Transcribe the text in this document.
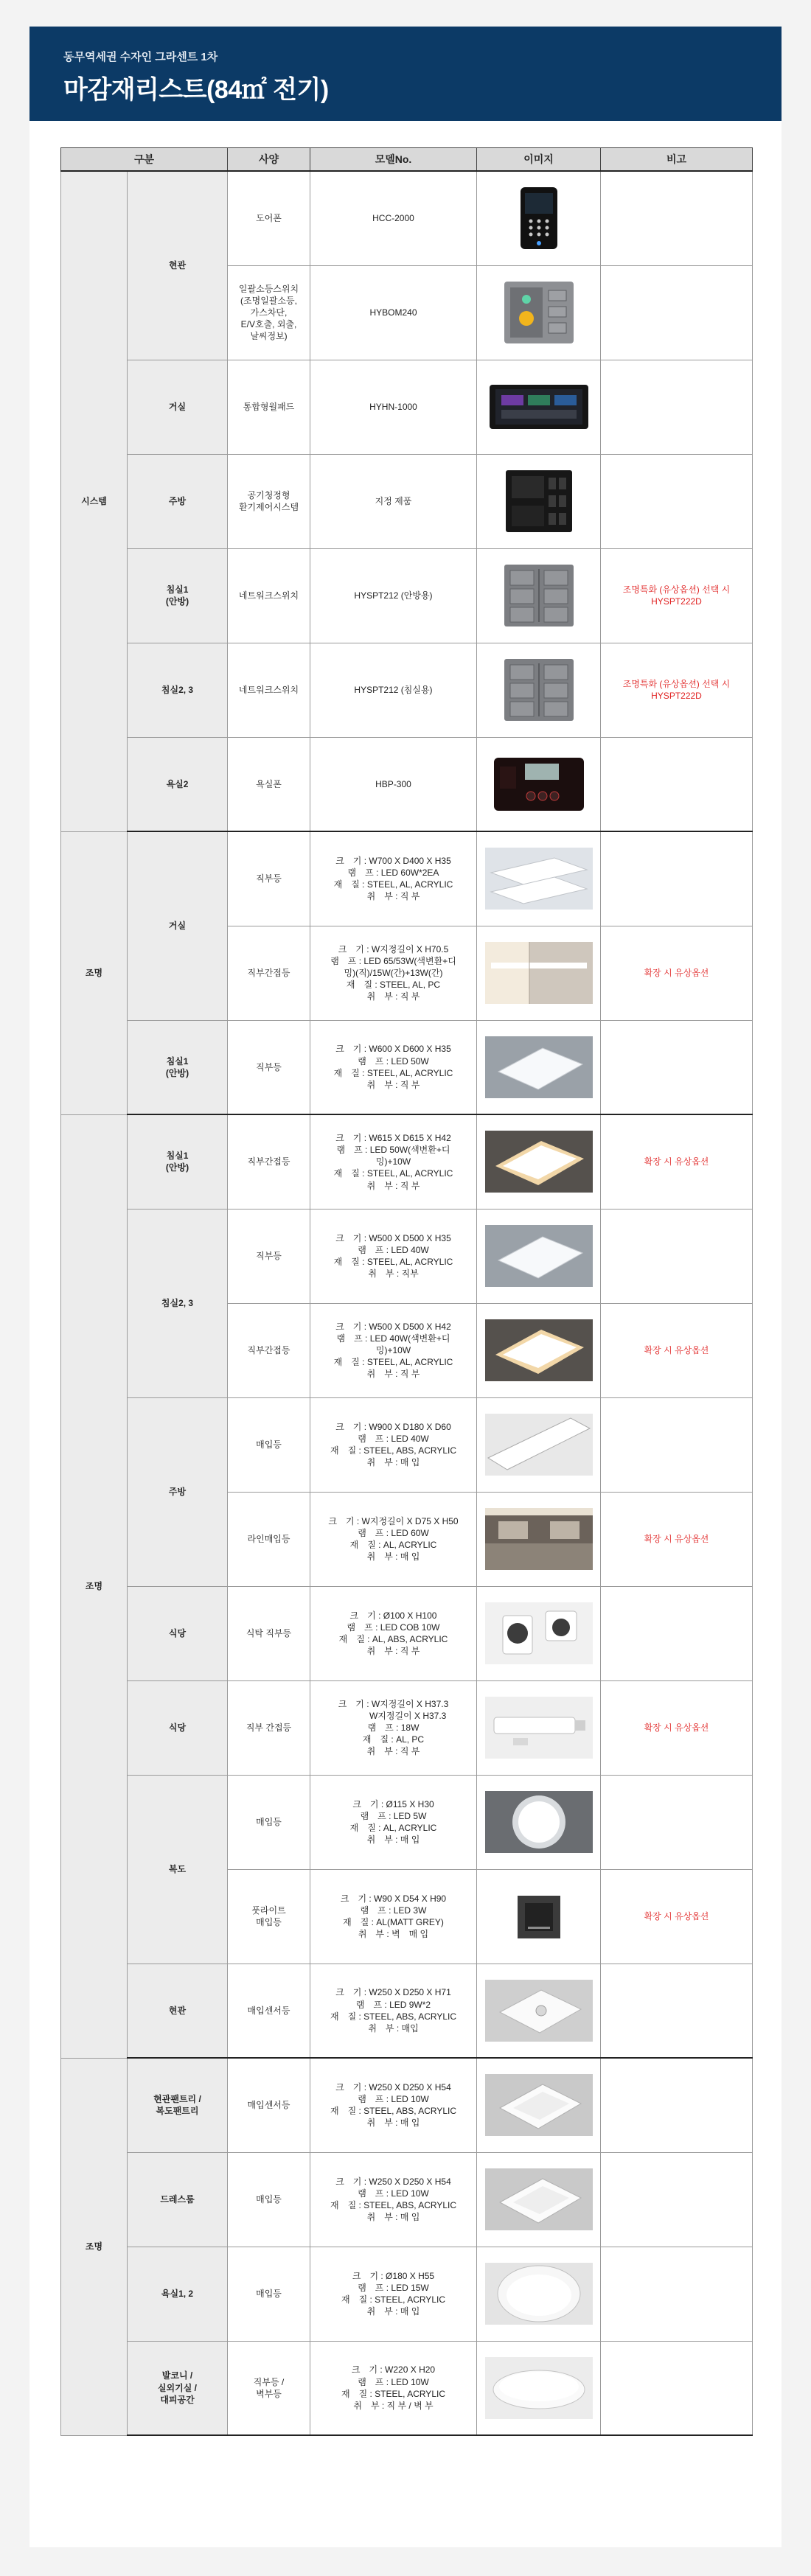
동무역세권 수자인 그라센트 1차
마감재리스트(84㎡ 전기)
구분		사양	모델No.	이미지	비고
시스템	현관	도어폰	HCC-2000	

		일괄소등스위치
(조명일괄소등,
가스차단,
E/V호출, 외출,
날씨정보)	HYBOM240	

	거실	통합형월패드	HYHN-1000	

	주방	공기청정형
환기제어시스템	지정 제품	

	침실1
(안방)	네트워크스위치	HYSPT212 (안방용)		조명특화 (유상옵션) 선택 시
HYSPT222D
	침실2, 3	네트워크스위치	HYSPT212 (침실용)		조명특화 (유상옵션) 선택 시
HYSPT222D
	욕실2	욕실폰	HBP-300	

조명	거실	직부등	크　기 : W700 X D400 X H35
램　프 : LED 60W*2EA
재　질 : STEEL, AL, ACRYLIC
취　부 : 직 부	

		직부간접등	크　기 : W지정길이 X H70.5
램　프 : LED 65/53W(색변환+디
밍)(직)/15W(간)+13W(간)
재　질 : STEEL, AL, PC
취　부 : 직 부		확장 시 유상옵션
	침실1
(안방)	직부등	크　기 : W600 X D600 X H35
램　프 : LED 50W
재　질 : STEEL, AL, ACRYLIC
취　부 : 직 부	

조명	침실1
(안방)	직부간접등	크　기 : W615 X D615 X H42
램　프 : LED 50W(색변환+디
밍)+10W
재　질 : STEEL, AL, ACRYLIC
취　부 : 직 부		확장 시 유상옵션
	침실2, 3	직부등	크　기 : W500 X D500 X H35
램　프 : LED 40W
재　질 : STEEL, AL, ACRYLIC
취　부 : 직부	

		직부간접등	크　기 : W500 X D500 X H42
램　프 : LED 40W(색변환+디
밍)+10W
재　질 : STEEL, AL, ACRYLIC
취　부 : 직 부		확장 시 유상옵션
	주방	매입등	크　기 : W900 X D180 X D60
램　프 : LED 40W
재　질 : STEEL, ABS, ACRYLIC
취　부 : 매 입	

		라인매입등	크　기 : W지정길이 X D75 X H50
램　프 : LED 60W
재　질 : AL, ACRYLIC
취　부 : 매 입		확장 시 유상옵션
	식당	식탁 직부등	크　기 : Ø100 X H100
램　프 : LED COB 10W
재　질 : AL, ABS, ACRYLIC
취　부 : 직 부	

	식당	직부 간접등	크　기 : W지정길이 X H37.3
　　　 W지정길이 X H37.3
램　프 : 18W
재　질 : AL, PC
취　부 : 직 부		확장 시 유상옵션
	복도	매입등	크　기 : Ø115 X H30
램　프 : LED 5W
재　질 : AL, ACRYLIC
취　부 : 매 입	

		풋라이트
매입등	크　기 : W90 X D54 X H90
램　프 : LED 3W
재　질 : AL(MATT GREY)
취　부 : 벽　매 입		확장 시 유상옵션
	현관	매입센서등	크　기 : W250 X D250 X H71
램　프 : LED 9W*2
재　질 : STEEL, ABS, ACRYLIC
취　부 : 매입	

조명	현관팬트리 /
복도팬트리	매입센서등	크　기 : W250 X D250 X H54
램　프 : LED 10W
재　질 : STEEL, ABS, ACRYLIC
취　부 : 매 입	

	드레스룸	매입등	크　기 : W250 X D250 X H54
램　프 : LED 10W
재　질 : STEEL, ABS, ACRYLIC
취　부 : 매 입	

	욕실1, 2	매입등	크　기 : Ø180 X H55
램　프 : LED 15W
재　질 : STEEL, ACRYLIC
취　부 : 매 입	

	발코니 /
실외기실 /
대피공간	직부등 /
벽부등	크　기 : W220 X H20
램　프 : LED 10W
재　질 : STEEL, ACRYLIC
취　부 : 직 부 / 벽 부	
